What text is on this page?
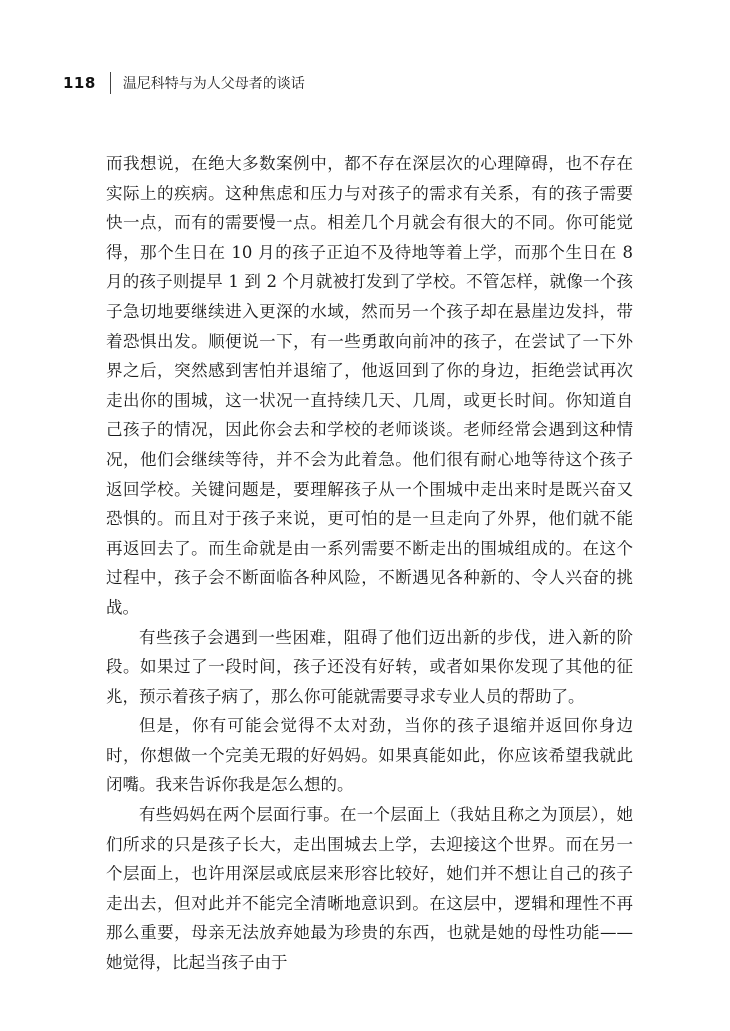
118 温尼科特与为人父母者的谈话

而我想说，在绝大多数案例中，都不存在深层次的心理障碍，也不存在实际上的疾病。这种焦虑和压力与对孩子的需求有关系，有的孩子需要快一点，而有的需要慢一点。相差几个月就会有很大的不同。你可能觉得，那个生日在 10 月的孩子正迫不及待地等着上学，而那个生日在 8 月的孩子则提早 1 到 2 个月就被打发到了学校。不管怎样，就像一个孩子急切地要继续进入更深的水域，然而另一个孩子却在悬崖边发抖，带着恐惧出发。顺便说一下，有一些勇敢向前冲的孩子，在尝试了一下外界之后，突然感到害怕并退缩了，他返回到了你的身边，拒绝尝试再次走出你的围城，这一状况一直持续几天、几周，或更长时间。你知道自己孩子的情况，因此你会去和学校的老师谈谈。老师经常会遇到这种情况，他们会继续等待，并不会为此着急。他们很有耐心地等待这个孩子返回学校。关键问题是，要理解孩子从一个围城中走出来时是既兴奋又恐惧的。而且对于孩子来说，更可怕的是一旦走向了外界，他们就不能再返回去了。而生命就是由一系列需要不断走出的围城组成的。在这个过程中，孩子会不断面临各种风险，不断遇见各种新的、令人兴奋的挑战。

有些孩子会遇到一些困难，阻碍了他们迈出新的步伐，进入新的阶段。如果过了一段时间，孩子还没有好转，或者如果你发现了其他的征兆，预示着孩子病了，那么你可能就需要寻求专业人员的帮助了。

但是，你有可能会觉得不太对劲，当你的孩子退缩并返回你身边时，你想做一个完美无瑕的好妈妈。如果真能如此，你应该希望我就此闭嘴。我来告诉你我是怎么想的。

有些妈妈在两个层面行事。在一个层面上（我姑且称之为顶层），她们所求的只是孩子长大，走出围城去上学，去迎接这个世界。而在另一个层面上，也许用深层或底层来形容比较好，她们并不想让自己的孩子走出去，但对此并不能完全清晰地意识到。在这层中，逻辑和理性不再那么重要，母亲无法放弃她最为珍贵的东西，也就是她的母性功能——她觉得，比起当孩子由于
